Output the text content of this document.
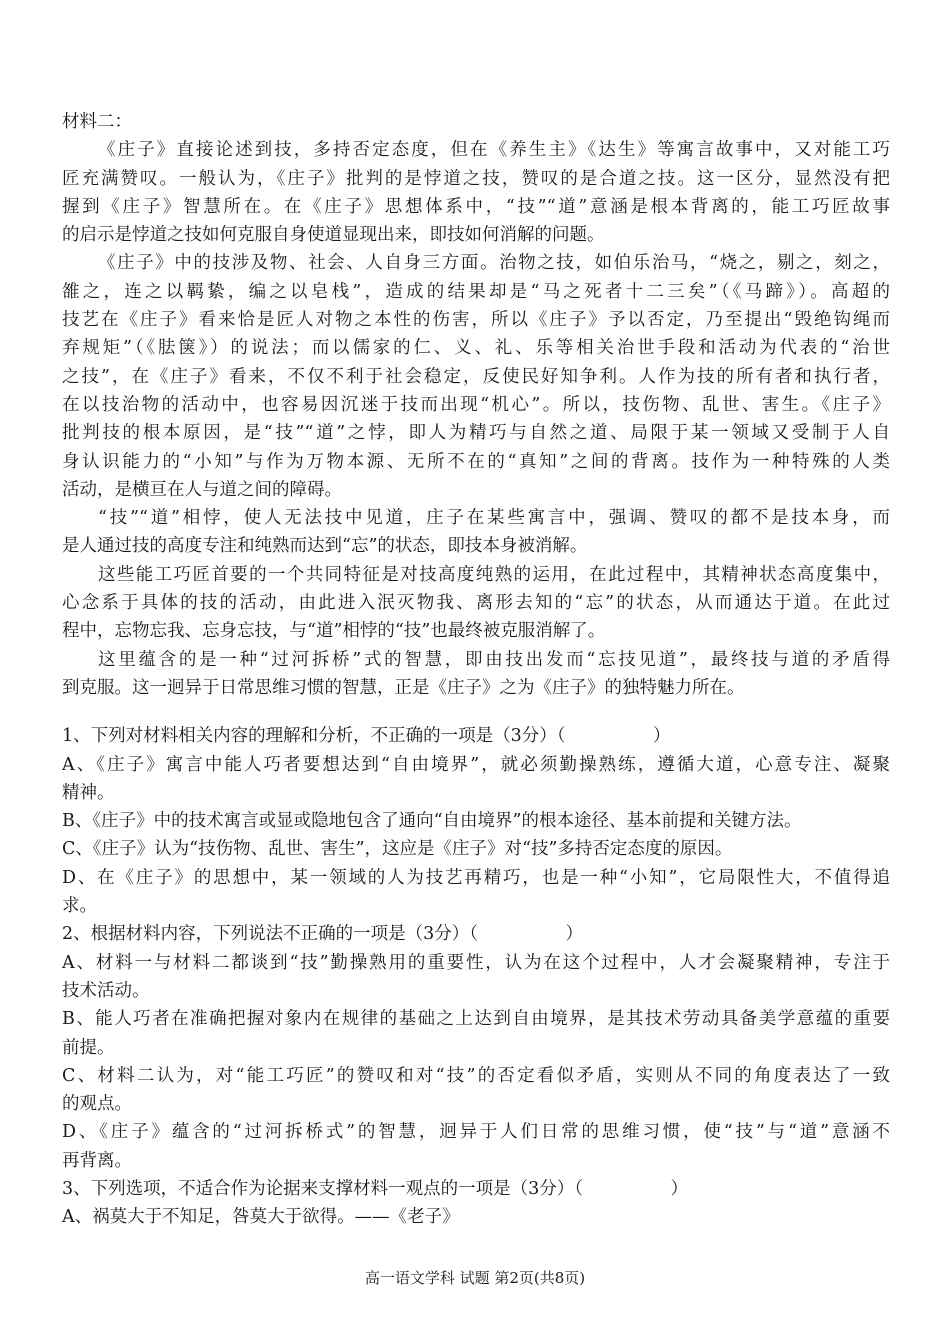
材料二：
《庄子》直接论述到技，多持否定态度，但在《养生主》《达生》等寓言故事中，又对能工巧
匠充满赞叹。一般认为，《庄子》批判的是悖道之技，赞叹的是合道之技。这一区分，显然没有把
握到《庄子》智慧所在。在《庄子》思想体系中，“技”“道”意涵是根本背离的，能工巧匠故事
的启示是悖道之技如何克服自身使道显现出来，即技如何消解的问题。
《庄子》中的技涉及物、社会、人自身三方面。治物之技，如伯乐治马，“烧之，剔之，刻之，
雒之，连之以羁絷，编之以皂栈”，造成的结果却是“马之死者十二三矣”（《马蹄》）。高超的
技艺在《庄子》看来恰是匠人对物之本性的伤害，所以《庄子》予以否定，乃至提出“毁绝钩绳而
弃规矩”（《胠箧》）的说法；而以儒家的仁、义、礼、乐等相关治世手段和活动为代表的“治世
之技”，在《庄子》看来，不仅不利于社会稳定，反使民好知争利。人作为技的所有者和执行者，
在以技治物的活动中，也容易因沉迷于技而出现“机心”。所以，技伤物、乱世、害生。《庄子》
批判技的根本原因，是“技”“道”之悖，即人为精巧与自然之道、局限于某一领域又受制于人自
身认识能力的“小知”与作为万物本源、无所不在的“真知”之间的背离。技作为一种特殊的人类
活动，是横亘在人与道之间的障碍。
“技”“道”相悖，使人无法技中见道，庄子在某些寓言中，强调、赞叹的都不是技本身，而
是人通过技的高度专注和纯熟而达到“忘”的状态，即技本身被消解。
这些能工巧匠首要的一个共同特征是对技高度纯熟的运用，在此过程中，其精神状态高度集中，
心念系于具体的技的活动，由此进入泯灭物我、离形去知的“忘”的状态，从而通达于道。在此过
程中，忘物忘我、忘身忘技，与“道”相悖的“技”也最终被克服消解了。
这里蕴含的是一种“过河拆桥”式的智慧，即由技出发而“忘技见道”，最终技与道的矛盾得
到克服。这一迥异于日常思维习惯的智慧，正是《庄子》之为《庄子》的独特魅力所在。
1、下列对材料相关内容的理解和分析，不正确的一项是（3分）（　　　　　）
A、《庄子》寓言中能人巧者要想达到“自由境界”，就必须勤操熟练，遵循大道，心意专注、凝聚
精神。
B、《庄子》中的技术寓言或显或隐地包含了通向“自由境界”的根本途径、基本前提和关键方法。
C、《庄子》认为“技伤物、乱世、害生”，这应是《庄子》对“技”多持否定态度的原因。
D、在《庄子》的思想中，某一领域的人为技艺再精巧，也是一种“小知”，它局限性大，不值得追
求。
2、根据材料内容，下列说法不正确的一项是（3分）（　　　　　）
A、材料一与材料二都谈到“技”勤操熟用的重要性，认为在这个过程中，人才会凝聚精神，专注于
技术活动。
B、能人巧者在准确把握对象内在规律的基础之上达到自由境界，是其技术劳动具备美学意蕴的重要
前提。
C、材料二认为，对“能工巧匠”的赞叹和对“技”的否定看似矛盾，实则从不同的角度表达了一致
的观点。
D、《庄子》蕴含的“过河拆桥式”的智慧，迥异于人们日常的思维习惯，使“技”与“道”意涵不
再背离。
3、下列选项，不适合作为论据来支撑材料一观点的一项是（3分）（　　　　　）
A、祸莫大于不知足，咎莫大于欲得。——《老子》
高一语文学科 试题 第2页(共8页)
